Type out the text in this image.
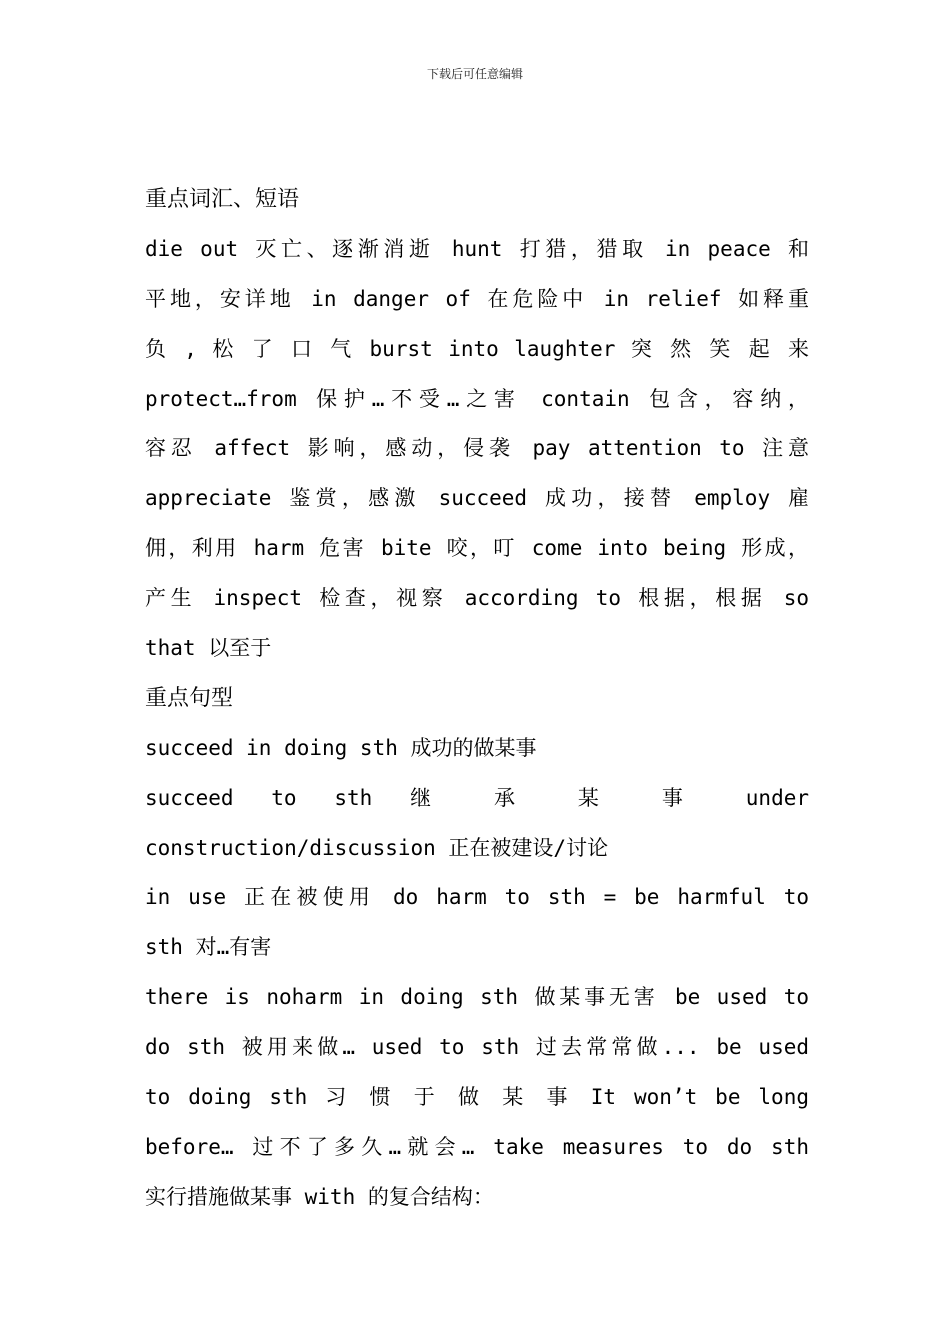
下载后可任意编辑
重点词汇、短语
die out 灭亡、逐渐消逝 hunt 打猎，猎取 in peace 和
平地，安详地 in danger of 在危险中 in relief 如释重
负 , 松 了 口 气 burst into laughter 突 然 笑 起 来
protect…from 保护…不受…之害 contain 包含，容纳，
容忍 affect 影响，感动，侵袭 pay attention to 注意
appreciate 鉴赏，感激 succeed 成功，接替 employ 雇
佣，利用 harm 危害 bite 咬，叮 come into being 形成，
产生 inspect 检查，视察 according to 根据，根据 so
that 以至于
重点句型
succeed in doing sth 成功的做某事
succeed to sth 继 承 某 事 under
construction/discussion 正在被建设/讨论
in use 正在被使用 do harm to sth = be harmful to
sth 对…有害
there is noharm in doing sth 做某事无害 be used to
do sth 被用来做… used to sth 过去常常做... be used
to doing sth 习 惯 于 做 某 事 It won’t be long
before… 过不了多久…就会… take measures to do sth
实行措施做某事 with 的复合结构：
